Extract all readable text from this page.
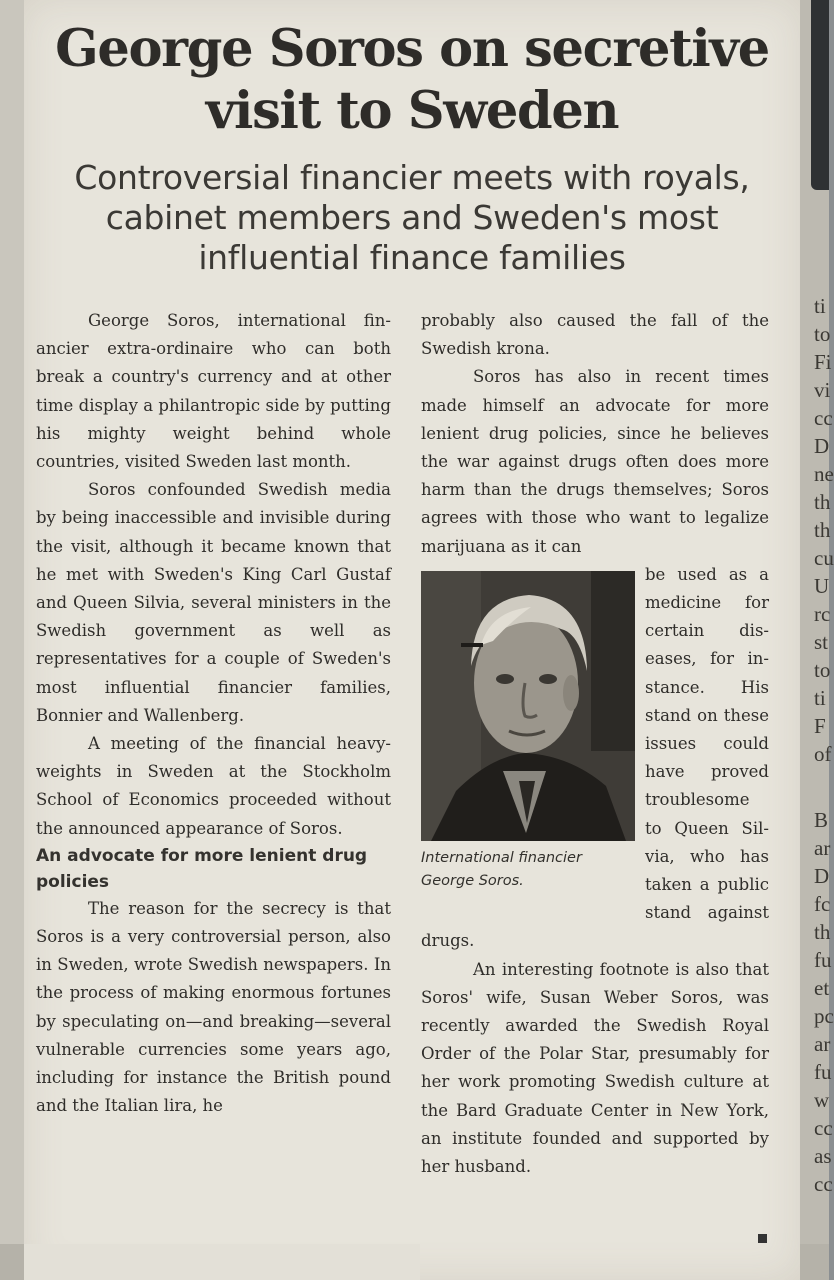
ti
to
Fi
vi
cc
D
ne
th
th
cu
U
rc
st
to
ti
F
of
B
ar
D
fc
th
fu
et
pc
ar
fu
w
cc
as
cc
George Soros on secretive
visit to Sweden
Controversial financier meets with royals,
cabinet members and Sweden's most
influential finance families

George Soros, international financier extra-ordinaire who can both break a country's currency and at other time display a philantropic side by putting his mighty weight behind whole countries, visited Sweden last month.

Soros confounded Swedish media by being inaccessible and invisible during the visit, although it became known that he met with Sweden's King Carl Gustaf and Queen Silvia, several ministers in the Swedish government as well as representatives for a couple of Sweden's most influential financier families, Bonnier and Wallenberg.

A meeting of the financial heavy-weights in Sweden at the Stockholm School of Economics proceeded without the announced appearance of Soros.

An advocate for more lenient drug policies

The reason for the secrecy is that Soros is a very controversial person, also in Sweden, wrote Swedish newspapers. In the process of making enormous fortunes by speculating on—and breaking—several vulnerable currencies some years ago, including for instance the British pound and the Italian lira, he

probably also caused the fall of the Swedish krona.

Soros has also in recent times made himself an advocate for more lenient drug policies, since he believes the war against drugs often does more harm than the drugs themselves; Soros agrees with those who want to legalize marijuana as it can

International financier
George Soros.

be used as a medicine for certain diseases, for instance. His stand on these issues could have proved troublesome to Queen Silvia, who has taken a public stand against drugs.

An interesting footnote is also that Soros' wife, Susan Weber Soros, was recently awarded the Swedish Royal Order of the Polar Star, presumably for her work promoting Swedish culture at the Bard Graduate Center in New York, an institute founded and supported by her husband.
